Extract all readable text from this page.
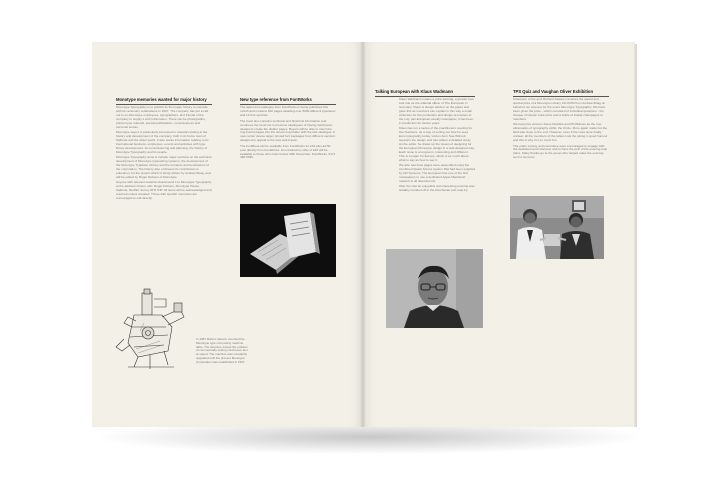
Monotype memories wanted for major history

Monotype Typography is to publish its first major history to coincide with its centenary celebrations in 1997. The company has put a call out to ex-Monotype employees, typographers, and friends of the company to supply it with information. There can be photographs, printed type material, special publications, reminiscences and personal stories.

Monotype says it is particularly interested in material relating to the history and development of the company, both in its home town of Salfords and the wider world. It also wants information relating to its international business, employees, events and activities with type library development, its commissioning and planning, the history of Monotype Typography and its people.

Monotype Typography aims to include major sections on the technical development of Monotype typesetting systems, the development of the Monotype Typeface Library and the founders and benefactors of the corporation. The history also embraces its contribution to education, for the project which is being written by Andrew Boag, and will be edited by Roger Dobson of Monotype.

Anyone with relevant material should send it to Monotype Typography at the address shown, attn: Roger Dobson, Monotype House, Salfords, Redhill, Surrey RH1 5JP. All items will be acknowledged and returned unless donated. Those with specific memories are encouraged to call directly.

In 1987 Robert Hanson mounted the Monotype type composing machine table. The structure solved the problem of commercially setting continuous text at speed. The machine was constantly upgraded until the present Monotype Corporation was established in 1997.
New type reference from FontWorks

The latest font catalogue from FontWorks is being published this month and contains 632 pages detailing over 8000 different typefaces and 14 font symbols.

The book also contains technical and historical information and continues the trend set in previous catalogues of having well known designers create the divider pages. Buyers will be able to insert the ring-bound pages into the tenuto ring binder with the last catalogue. A new carrier device larger printed font packages from different vendors designed to appeal to the less well known.

The FontBook will be available from FontWorks for £19 plus £4.50 post directly from FontWorks. An introductory offer of £15 will be available to those who order before 30th November. FontWorks, 0171 490 5390.

Talking European with Klaus Wadmann

Klaus Wadmann makes a prize-winning, a greater love and role as the editorial officer of The European in Germany. Klaus is design advisor on the paper and gave this as members can explain in this way a small collection for the production and design processes of the only pan-European weekly newspaper, it has been in production for twelve years.

Klaus has run a series of the practitioners meeting for five Numbers, as a way of sorting out how he sees Euro typography today. Lisbon-born Sue Wilmett supports the design and has written a detailed study. As the editor, he draws up the issues of designing for the European Monotype design in a well-designed way. Each issue is a long-term, interesting and different. This is a paper for Europe, which is as much about what to say as how to say it.

We also saw how pages were assembled using the combined Quark Xpress system that had been supplied by Gill Systems. The European has one of the first newspapers to use a dedicated Apple Macintosh network in all departments.

After the visit an enjoyable and interesting evening was suitably rounded off in the Dorchester pub near by.

TPS Quiz and Vaughan Oliver Exhibition

Champion of the quiz Richard Dawson receives the award and special prize of a Monotype Library CD-ROM from Andrew Boag on behalf of our sponsor for the event Monotype Typography. We have been given the prize - which consisted of individual questions - the cheque of Caxton book prize and a bottle of Kodak champagne to members.

We had prize winners Steve Reddick and Phil Baines as the true aficionados of typography within the Circle. More again made but the field was close to the end. However, even if the rules were finally unclear, all the members of the tables took the joking in good humour and this is why it is so much fun.

The entire society and committee were encouraged to engage with the dedicated and informed, and to have the quiz of the evening took place. Many thanks go to the group who helped make the evening such a success.
